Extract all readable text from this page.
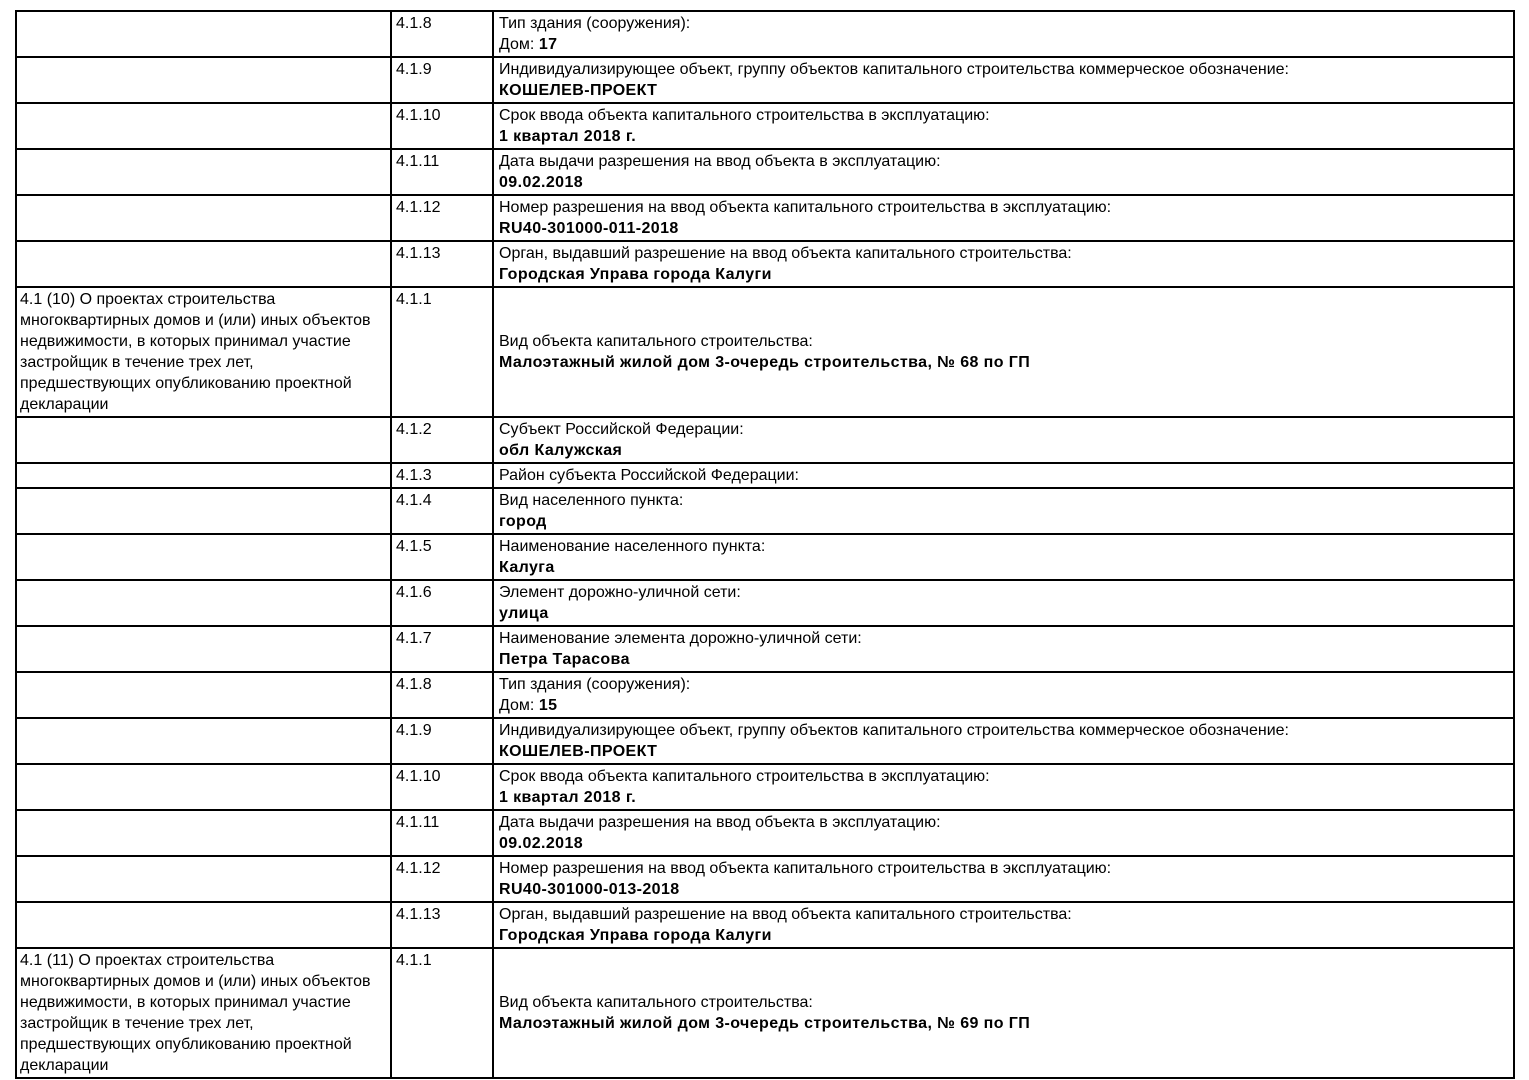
	4.1.8	Тип здания (сооружения):
Дом: 17

	4.1.9	Индивидуализирующее объект, группу объектов капитального строительства коммерческое обозначение:
КОШЕЛЕВ-ПРОЕКТ

	4.1.10	Срок ввода объекта капитального строительства в эксплуатацию:
1 квартал 2018 г.

	4.1.11	Дата выдачи разрешения на ввод объекта в эксплуатацию:
09.02.2018

	4.1.12	Номер разрешения на ввод объекта капитального строительства в эксплуатацию:
RU40-301000-011-2018

	4.1.13	Орган, выдавший разрешение на ввод объекта капитального строительства:
Городская Управа города Калуги

4.1 (10) О проектах строительства многоквартирных домов и (или) иных объектов недвижимости, в которых принимал участие застройщик в течение трех лет, предшествующих опубликованию проектной декларации	4.1.1	Вид объекта капитального строительства:
Малоэтажный жилой дом 3-очередь строительства, № 68 по ГП

	4.1.2	Субъект Российской Федерации:
обл Калужская

	4.1.3	Район субъекта Российской Федерации:

	4.1.4	Вид населенного пункта:
город

	4.1.5	Наименование населенного пункта:
Калуга

	4.1.6	Элемент дорожно-уличной сети:
улица

	4.1.7	Наименование элемента дорожно-уличной сети:
Петра Тарасова

	4.1.8	Тип здания (сооружения):
Дом: 15

	4.1.9	Индивидуализирующее объект, группу объектов капитального строительства коммерческое обозначение:
КОШЕЛЕВ-ПРОЕКТ

	4.1.10	Срок ввода объекта капитального строительства в эксплуатацию:
1 квартал 2018 г.

	4.1.11	Дата выдачи разрешения на ввод объекта в эксплуатацию:
09.02.2018

	4.1.12	Номер разрешения на ввод объекта капитального строительства в эксплуатацию:
RU40-301000-013-2018

	4.1.13	Орган, выдавший разрешение на ввод объекта капитального строительства:
Городская Управа города Калуги

4.1 (11) О проектах строительства многоквартирных домов и (или) иных объектов недвижимости, в которых принимал участие застройщик в течение трех лет, предшествующих опубликованию проектной декларации	4.1.1	Вид объекта капитального строительства:
Малоэтажный жилой дом 3-очередь строительства, № 69 по ГП
